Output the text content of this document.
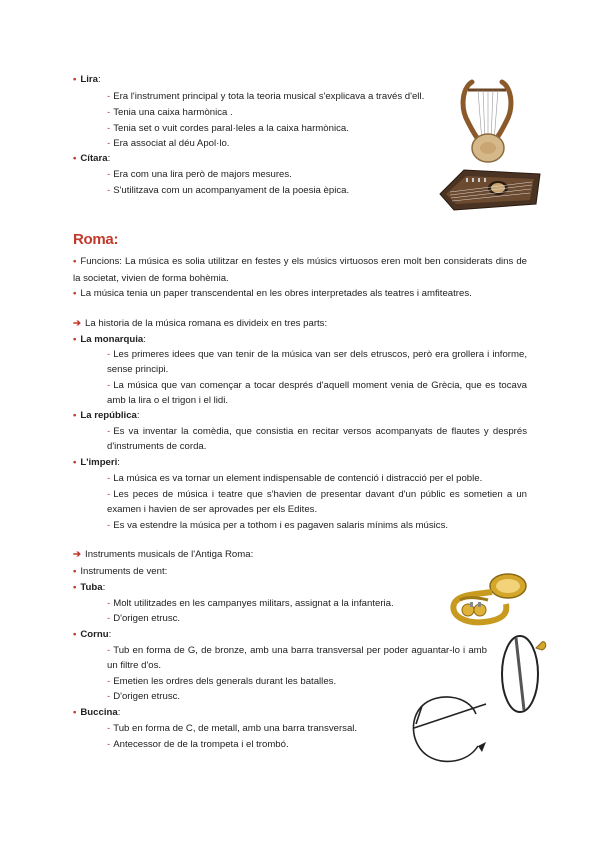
• Lira:
- Era l'instrument principal y tota la teoria musical s'explicava a través d'ell.
- Tenia una caixa harmònica .
- Tenia set o vuit cordes paral·leles a la caixa harmònica.
- Era associat al déu Apol·lo.
• Cítara:
- Era com una lira però de majors mesures.
- S'utilitzava com un acompanyament de la poesia èpica.
Roma:
• Funcions: La música es solia utilitzar en festes y els músics virtuosos eren molt ben considerats dins de la societat, vivien de forma bohèmia.
• La música tenia un paper transcendental en les obres interpretades als teatres i amfiteatres.
➔ La historia de la música romana es divideix en tres parts:
• La monarquia:
- Les primeres idees que van tenir de la música van ser dels etruscos, però era grollera i informe, sense principi.
- La música que van començar a tocar després d'aquell moment venia de Grècia, que es tocava amb la lira o el trigon i el lidi.
• La república:
- Es va inventar la comèdia, que consistia en recitar versos acompanyats de flautes y després d'instruments de corda.
• L'imperi:
- La música es va tornar un element indispensable de contenció i distracció per el poble.
- Les peces de música i teatre que s'havien de presentar davant d'un públic es sometien a un examen i havien de ser aprovades per els Edites.
- Es va estendre la música per a tothom i es pagaven salaris mínims als músics.
➔ Instruments musicals de l'Antiga Roma:
• Instruments de vent:
• Tuba:
- Molt utilitzades en les campanyes militars, assignat a la infanteria.
- D'origen etrusc.
• Cornu:
- Tub en forma de G, de bronze, amb una barra transversal per poder aguantar-lo i amb un filtre d'os.
- Emetien les ordres dels generals durant les batalles.
- D'origen etrusc.
• Buccina:
- Tub en forma de C, de metall, amb una barra transversal.
- Antecessor de de la trompeta i el trombó.
